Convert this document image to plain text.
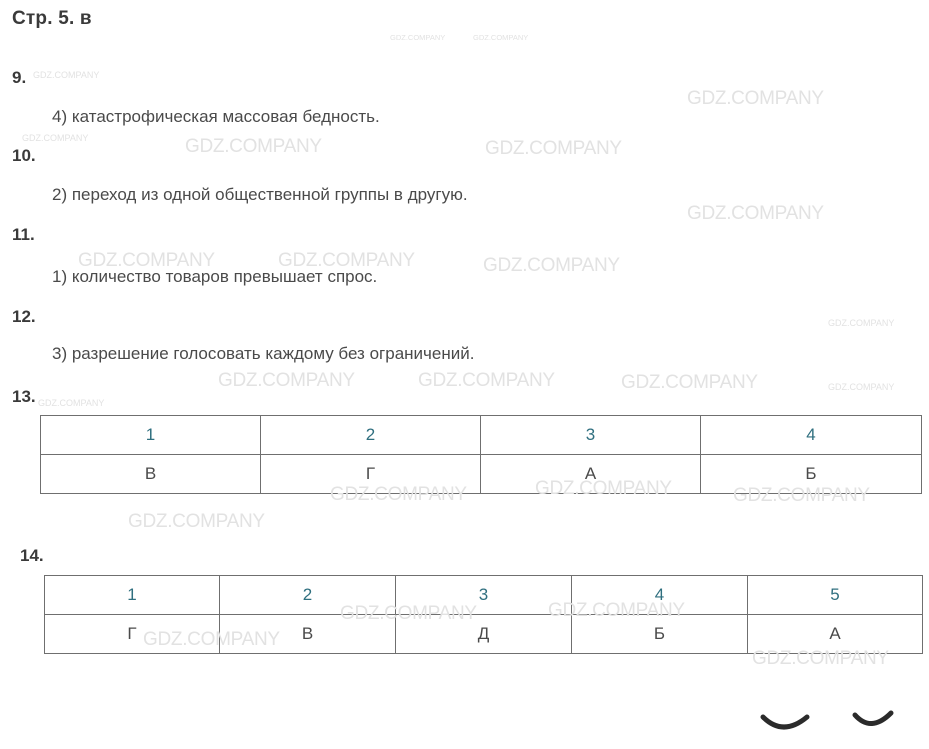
Стр. 5. в
9.
4) катастрофическая массовая бедность.
10.
2) переход из одной общественной группы в другую.
11.
1) количество товаров превышает спрос.
12.
3) разрешение голосовать каждому без ограничений.
13.
1	2	3	4
В	Г	А	Б
14.
1	2	3	4	5
Г	В	Д	Б	А
GDZ.COMPANY	GDZ.COMPANY
GDZ.COMPANY
GDZ.COMPANY
GDZ.COMPANY	GDZ.COMPANY	GDZ.COMPANY
GDZ.COMPANY
GDZ.COMPANY	GDZ.COMPANY	GDZ.COMPANY
GDZ.COMPANY
GDZ.COMPANY	GDZ.COMPANY	GDZ.COMPANY	GDZ.COMPANY
GDZ.COMPANY
GDZ.COMPANY	GDZ.COMPANY	GDZ.COMPANY
GDZ.COMPANY
GDZ.COMPANY	GDZ.COMPANY
GDZ.COMPANY
GDZ.COMPANY
